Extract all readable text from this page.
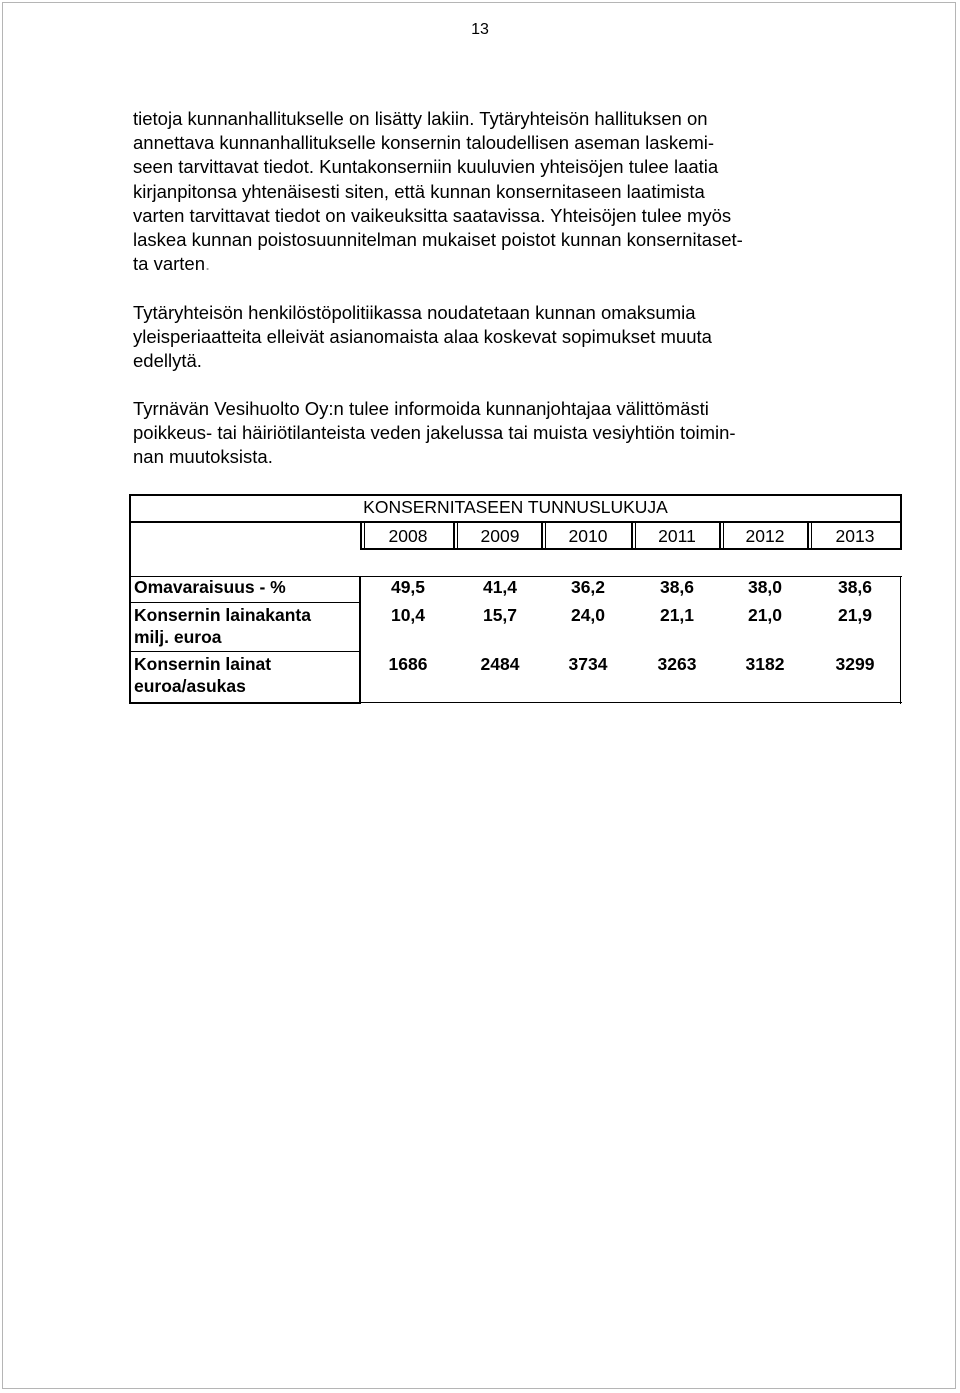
13

tietoja kunnanhallitukselle on lisätty lakiin. Tytäryhteisön hallituksen on
annettava kunnanhallitukselle konsernin taloudellisen aseman laskemi-
seen tarvittavat tiedot. Kuntakonserniin kuuluvien yhteisöjen tulee laatia
kirjanpitonsa yhtenäisesti siten, että kunnan konsernitaseen laatimista
varten tarvittavat tiedot on vaikeuksitta saatavissa. Yhteisöjen tulee myös
laskea kunnan poistosuunnitelman mukaiset poistot kunnan konsernitaset-
ta varten.

Tytäryhteisön henkilöstöpolitiikassa noudatetaan kunnan omaksumia
yleisperiaatteita elleivät asianomaista alaa koskevat sopimukset muuta
edellytä.

Tyrnävän Vesihuolto Oy:n tulee informoida kunnanjohtajaa välittömästi
poikkeus- tai häiriötilanteista veden jakelussa tai muista vesiyhtiön toimin-
nan muutoksista.

KONSERNITASEEN TUNNUSLUKUJA
2008	2009	2010	2011	2012	2013
Omavaraisuus - %	49,5	41,4	36,2	38,6	38,0	38,6
Konsernin lainakanta
milj. euroa
10,4	15,7	24,0	21,1	21,0	21,9
Konsernin lainat
euroa/asukas
1686	2484	3734	3263	3182	3299
